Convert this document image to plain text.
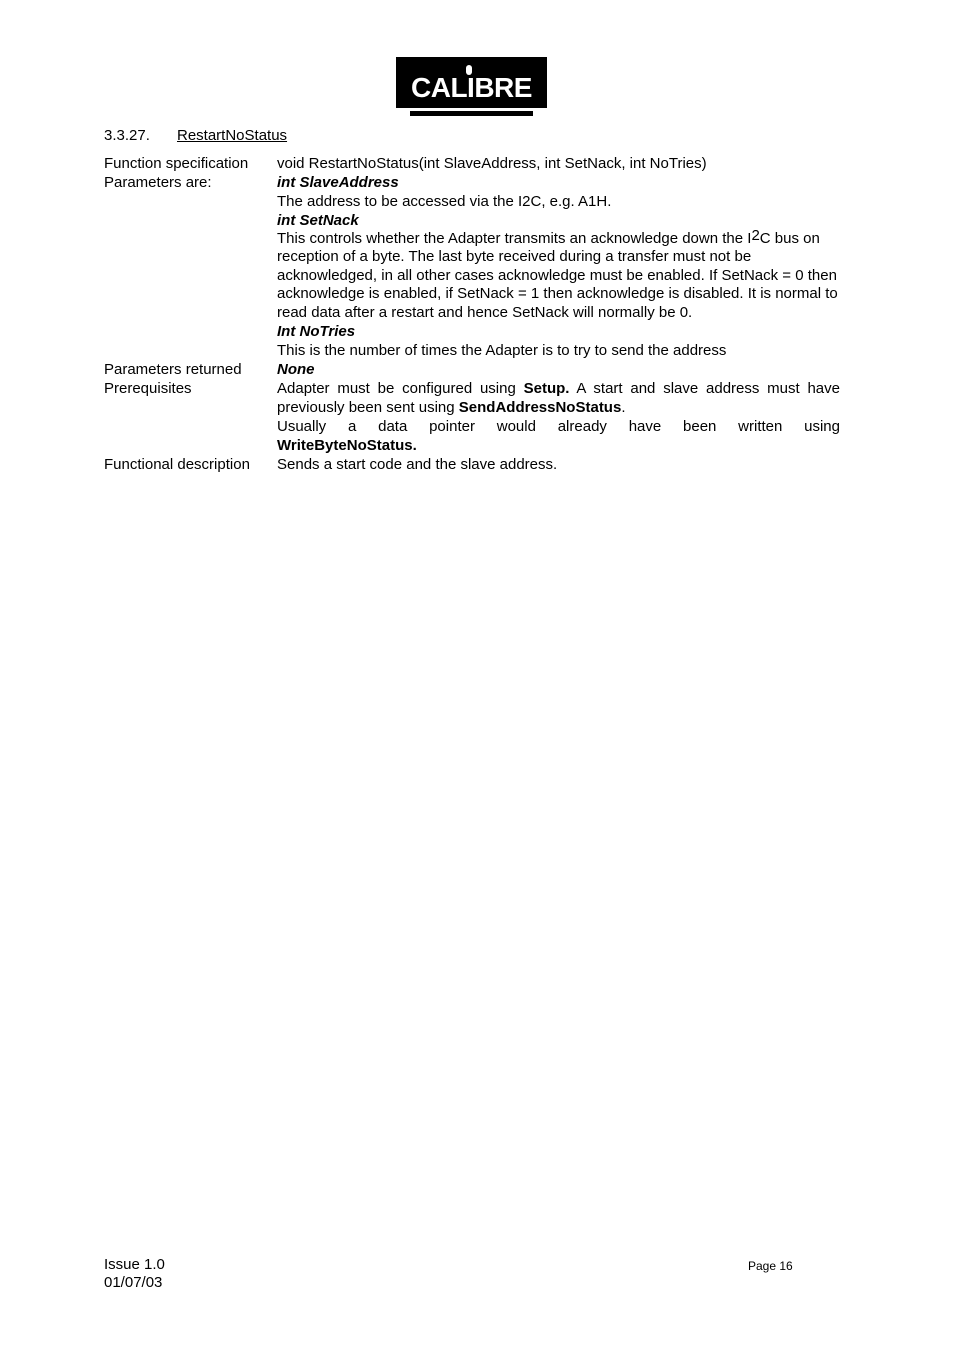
CALIBRE
3.3.27. RestartNoStatus
Function specification	void RestartNoStatus(int SlaveAddress, int SetNack, int NoTries)
Parameters are:	int SlaveAddress
The address to be accessed via the I2C, e.g. A1H.
int SetNack
This controls whether the Adapter transmits an acknowledge down the $I^2C$ bus on reception of a byte. The last byte received during a transfer must not be acknowledged, in all other cases acknowledge must be enabled. If SetNack = 0 then acknowledge is enabled, if SetNack = 1 then acknowledge is disabled. It is normal to read data after a restart and hence SetNack will normally be 0.
Int NoTries
This is the number of times the Adapter is to try to send the address
Parameters returned	None
Prerequisites	Adapter must be configured using Setup. A start and slave address must have previously been sent using SendAddressNoStatus.
Usually a data pointer would already have been written using
WriteByteNoStatus.
Functional description	Sends a start code and the slave address.
Issue 1.0
01/07/03
Page 16
